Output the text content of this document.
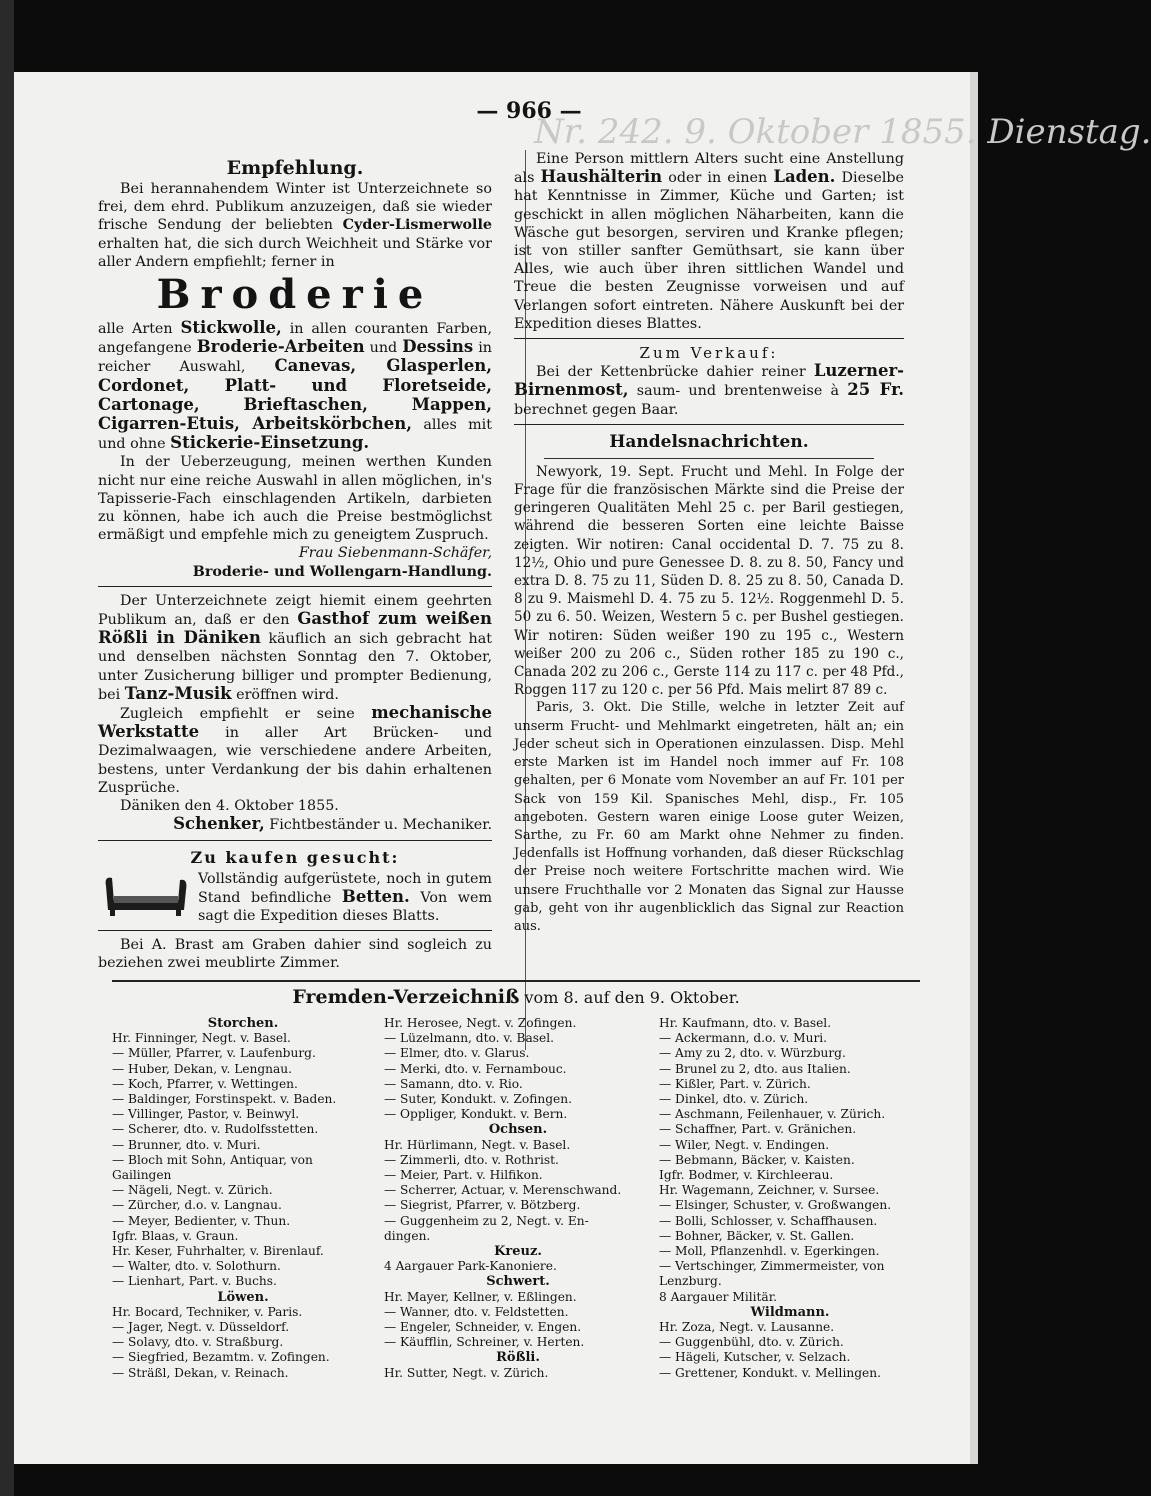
Nr. 242. 9. Oktober 1855. Dienstag.
— 966 —
Empfehlung.

Bei herannahendem Winter ist Unterzeichnete so frei, dem ehrd. Publikum anzuzeigen, daß sie wieder frische Sendung der beliebten Cyder-Lismerwolle erhalten hat, die sich durch Weichheit und Stärke vor aller Andern empfiehlt; ferner in

Broderie

alle Arten Stickwolle, in allen couranten Farben, angefangene Broderie-Arbeiten und Dessins in reicher Auswahl, Canevas, Glasperlen, Cordonet, Platt- und Floretseide, Cartonage, Brieftaschen, Mappen, Cigarren-Etuis, Arbeitskörbchen, alles mit und ohne Stickerie-Einsetzung.

In der Ueberzeugung, meinen werthen Kunden nicht nur eine reiche Auswahl in allen möglichen, in's Tapisserie-Fach einschlagenden Artikeln, darbieten zu können, habe ich auch die Preise bestmöglichst ermäßigt und empfehle mich zu geneigtem Zuspruch.

Frau Siebenmann-Schäfer,

Broderie- und Wollengarn-Handlung.

Der Unterzeichnete zeigt hiemit einem geehrten Publikum an, daß er den Gasthof zum weißen Rößli in Däniken käuflich an sich gebracht hat und denselben nächsten Sonntag den 7. Oktober, unter Zusicherung billiger und prompter Bedienung, bei Tanz-Musik eröffnen wird.

Zugleich empfiehlt er seine mechanische Werkstatte in aller Art Brücken- und Dezimalwaagen, wie verschiedene andere Arbeiten, bestens, unter Verdankung der bis dahin erhaltenen Zusprüche.

Däniken den 4. Oktober 1855.

Schenker, Fichtbeständer u. Mechaniker.

Zu kaufen gesucht:

Vollständig aufgerüstete, noch in gutem Stand befindliche Betten. Von wem sagt die Expedition dieses Blatts.

Bei A. Brast am Graben dahier sind sogleich zu beziehen zwei meublirte Zimmer.

Eine Person mittlern Alters sucht eine Anstellung als Haushälterin oder in einen Laden. Dieselbe hat Kenntnisse in Zimmer, Küche und Garten; ist geschickt in allen möglichen Näharbeiten, kann die Wäsche gut besorgen, serviren und Kranke pflegen; ist von stiller sanfter Gemüthsart, sie kann über Alles, wie auch über ihren sittlichen Wandel und Treue die besten Zeugnisse vorweisen und auf Verlangen sofort eintreten. Nähere Auskunft bei der Expedition dieses Blattes.

Zum Verkauf:

Bei der Kettenbrücke dahier reiner Luzerner-Birnenmost, saum- und brentenweise à 25 Fr. berechnet gegen Baar.

Handelsnachrichten.

Newyork, 19. Sept. Frucht und Mehl. In Folge der Frage für die französischen Märkte sind die Preise der geringeren Qualitäten Mehl 25 c. per Baril gestiegen, während die besseren Sorten eine leichte Baisse zeigten. Wir notiren: Canal occidental D. 7. 75 zu 8. 12½, Ohio und pure Genessee D. 8. zu 8. 50, Fancy und extra D. 8. 75 zu 11, Süden D. 8. 25 zu 8. 50, Canada D. 8 zu 9. Maismehl D. 4. 75 zu 5. 12½. Roggenmehl D. 5. 50 zu 6. 50. Weizen, Western 5 c. per Bushel gestiegen. Wir notiren: Süden weißer 190 zu 195 c., Western weißer 200 zu 206 c., Süden rother 185 zu 190 c., Canada 202 zu 206 c., Gerste 114 zu 117 c. per 48 Pfd., Roggen 117 zu 120 c. per 56 Pfd. Mais melirt 87 89 c.

Paris, 3. Okt. Die Stille, welche in letzter Zeit auf unserm Frucht- und Mehlmarkt eingetreten, hält an; ein Jeder scheut sich in Operationen einzulassen. Disp. Mehl erste Marken ist im Handel noch immer auf Fr. 108 gehalten, per 6 Monate vom November an auf Fr. 101 per Sack von 159 Kil. Spanisches Mehl, disp., Fr. 105 angeboten. Gestern waren einige Loose guter Weizen, Sarthe, zu Fr. 60 am Markt ohne Nehmer zu finden. Jedenfalls ist Hoffnung vorhanden, daß dieser Rückschlag der Preise noch weitere Fortschritte machen wird. Wie unsere Fruchthalle vor 2 Monaten das Signal zur Hausse gab, geht von ihr augenblicklich das Signal zur Reaction aus.

Fremden-Verzeichniß vom 8. auf den 9. Oktober.
Storchen.
Hr. Finninger, Negt. v. Basel.
— Müller, Pfarrer, v. Laufenburg.
— Huber, Dekan, v. Lengnau.
— Koch, Pfarrer, v. Wettingen.
— Baldinger, Forstinspekt. v. Baden.
— Villinger, Pastor, v. Beinwyl.
— Scherer, dto. v. Rudolfsstetten.
— Brunner, dto. v. Muri.
— Bloch mit Sohn, Antiquar, von
Gailingen
— Nägeli, Negt. v. Zürich.
— Zürcher, d.o. v. Langnau.
— Meyer, Bedienter, v. Thun.
Igfr. Blaas, v. Graun.
Hr. Keser, Fuhrhalter, v. Birenlauf.
— Walter, dto. v. Solothurn.
— Lienhart, Part. v. Buchs.
Löwen.
Hr. Bocard, Techniker, v. Paris.
— Jager, Negt. v. Düsseldorf.
— Solavy, dto. v. Straßburg.
— Siegfried, Bezamtm. v. Zofingen.
— Sträßl, Dekan, v. Reinach.
Hr. Herosee, Negt. v. Zofingen.
— Lüzelmann, dto. v. Basel.
— Elmer, dto. v. Glarus.
— Merki, dto. v. Fernambouc.
— Samann, dto. v. Rio.
— Suter, Kondukt. v. Zofingen.
— Oppliger, Kondukt. v. Bern.
Ochsen.
Hr. Hürlimann, Negt. v. Basel.
— Zimmerli, dto. v. Rothrist.
— Meier, Part. v. Hilfikon.
— Scherrer, Actuar, v. Merenschwand.
— Siegrist, Pfarrer, v. Bötzberg.
— Guggenheim zu 2, Negt. v. En-
dingen.
Kreuz.
4 Aargauer Park-Kanoniere.
Schwert.
Hr. Mayer, Kellner, v. Eßlingen.
— Wanner, dto. v. Feldstetten.
— Engeler, Schneider, v. Engen.
— Käufflin, Schreiner, v. Herten.
Rößli.
Hr. Sutter, Negt. v. Zürich.
Hr. Kaufmann, dto. v. Basel.
— Ackermann, d.o. v. Muri.
— Amy zu 2, dto. v. Würzburg.
— Brunel zu 2, dto. aus Italien.
— Kißler, Part. v. Zürich.
— Dinkel, dto. v. Zürich.
— Aschmann, Feilenhauer, v. Zürich.
— Schaffner, Part. v. Gränichen.
— Wiler, Negt. v. Endingen.
— Bebmann, Bäcker, v. Kaisten.
Igfr. Bodmer, v. Kirchleerau.
Hr. Wagemann, Zeichner, v. Sursee.
— Elsinger, Schuster, v. Großwangen.
— Bolli, Schlosser, v. Schaffhausen.
— Bohner, Bäcker, v. St. Gallen.
— Moll, Pflanzenhdl. v. Egerkingen.
— Vertschinger, Zimmermeister, von
Lenzburg.
8 Aargauer Militär.
Wildmann.
Hr. Zoza, Negt. v. Lausanne.
— Guggenbühl, dto. v. Zürich.
— Hägeli, Kutscher, v. Selzach.
— Grettener, Kondukt. v. Mellingen.
